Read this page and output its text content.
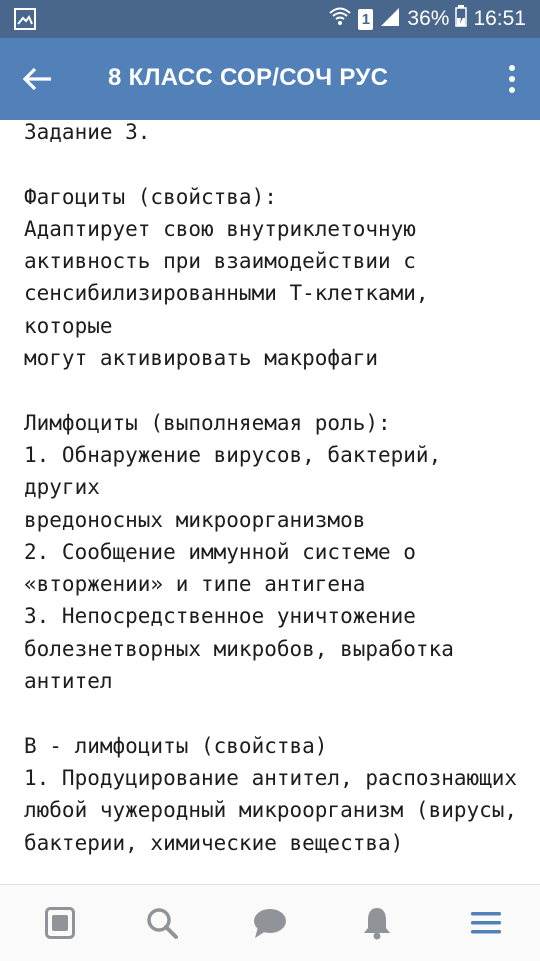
1 36% 16:51
8 КЛАСС СОР/СОЧ РУС
Задание 3.

Фагоциты (свойства):
Адаптирует свою внутриклеточную
активность при взаимодействии с
сенсибилизированными Т-клетками, которые
могут активировать макрофаги

Лимфоциты (выполняемая роль):
1. Обнаружение вирусов, бактерий, других
вредоносных микроорганизмов
2. Сообщение иммунной системе о
«вторжении» и типе антигена
3. Непосредственное уничтожение
болезнетворных микробов, выработка
антител

В - лимфоциты (свойства)
1. Продуцирование антител, распознающих
любой чужеродный микроорганизм (вирусы,
бактерии, химические вещества)
